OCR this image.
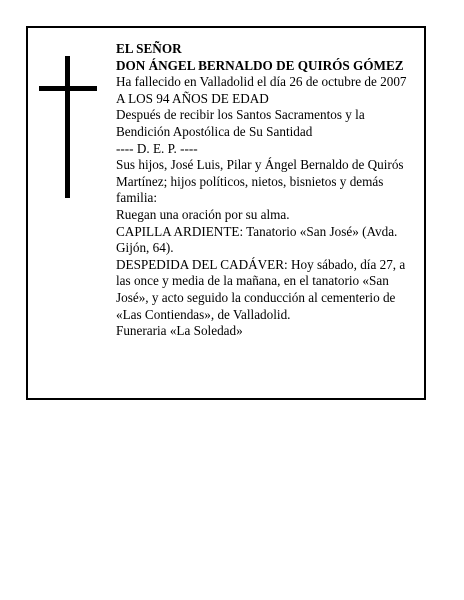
EL SEÑOR

DON ÁNGEL BERNALDO DE QUIRÓS GÓMEZ

Ha fallecido en Valladolid el día 26 de octubre de 2007

A LOS 94 AÑOS DE EDAD

Después de recibir los Santos Sacramentos y la Bendición Apostólica de Su Santidad

---- D. E. P. ----

Sus hijos, José Luis, Pilar y Ángel Bernaldo de Quirós Martínez; hijos políticos, nietos, bisnietos y demás familia:

Ruegan una oración por su alma.

CAPILLA ARDIENTE: Tanatorio «San José» (Avda. Gijón, 64).

DESPEDIDA DEL CADÁVER: Hoy sábado, día 27, a las once y media de la mañana, en el tanatorio «San José», y acto seguido la conducción al cementerio de «Las Contiendas», de Valladolid.

Funeraria «La Soledad»
